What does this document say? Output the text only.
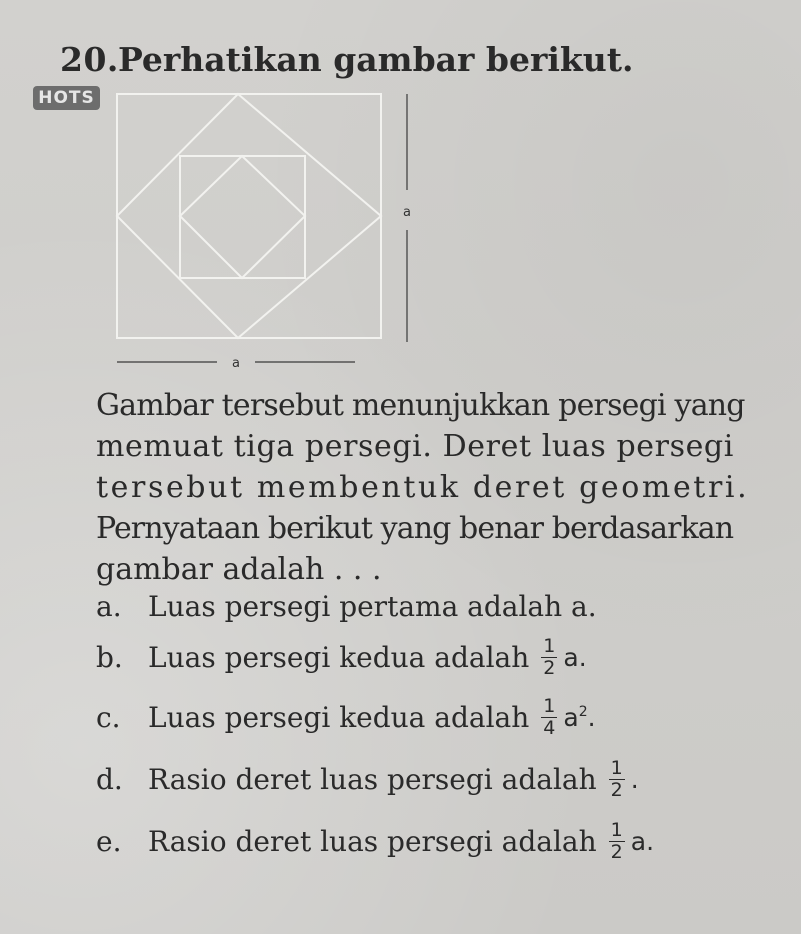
20. Perhatikan gambar berikut.
HOTS
a
a
Gambar tersebut menunjukkan persegi yang
memuat tiga persegi. Deret luas persegi
tersebut membentuk deret geometri.
Pernyataan berikut yang benar berdasarkan
gambar adalah . . .
a. Luas persegi pertama adalah a.
b. Luas persegi kedua adalah $\frac{1}{2} a$.
c. Luas persegi kedua adalah $\frac{1}{4} a^2$.
d. Rasio deret luas persegi adalah $\frac{1}{2}$ .
e. Rasio deret luas persegi adalah $\frac{1}{2} a$.
